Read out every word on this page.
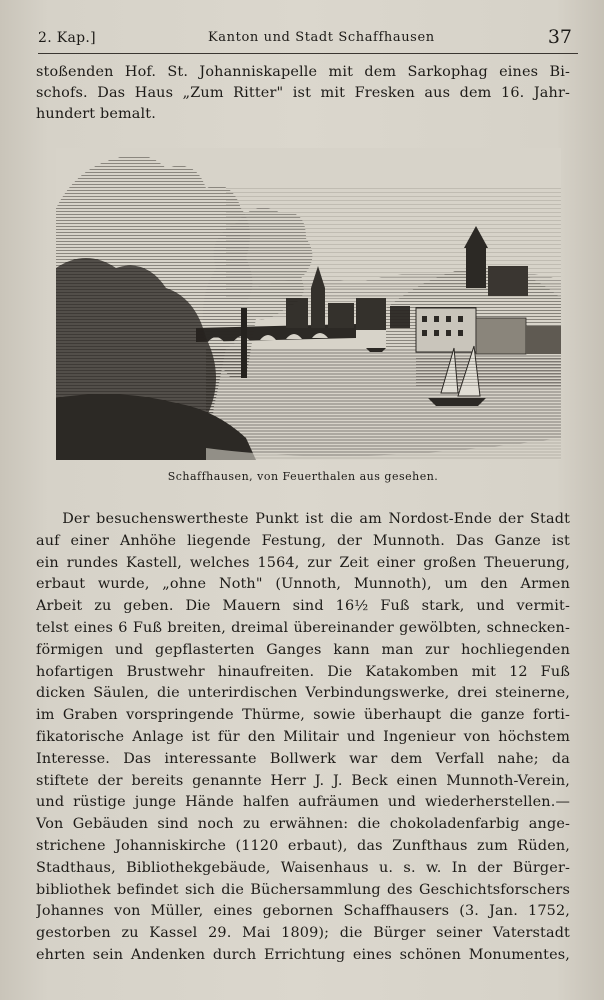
2. Kap.]	Kanton und Stadt Schaffhausen	37
stoßenden Hof. St. Johanniskapelle mit dem Sarkophag eines Bi-
schofs. Das Haus „Zum Ritter" ist mit Fresken aus dem 16. Jahr-
hundert bemalt.
Schaffhausen, von Feuerthalen aus gesehen.
Der besuchenswertheste Punkt ist die am Nordost-Ende der Stadt
auf einer Anhöhe liegende Festung, der Munnoth. Das Ganze ist
ein rundes Kastell, welches 1564, zur Zeit einer großen Theuerung,
erbaut wurde, „ohne Noth" (Unnoth, Munnoth), um den Armen
Arbeit zu geben. Die Mauern sind 16½ Fuß stark, und vermit-
telst eines 6 Fuß breiten, dreimal übereinander gewölbten, schnecken-
förmigen und gepflasterten Ganges kann man zur hochliegenden
hofartigen Brustwehr hinaufreiten. Die Katakomben mit 12 Fuß
dicken Säulen, die unterirdischen Verbindungswerke, drei steinerne,
im Graben vorspringende Thürme, sowie überhaupt die ganze forti-
fikatorische Anlage ist für den Militair und Ingenieur von höchstem
Interesse. Das interessante Bollwerk war dem Verfall nahe; da
stiftete der bereits genannte Herr J. J. Beck einen Munnoth-Verein,
und rüstige junge Hände halfen aufräumen und wiederherstellen.—
Von Gebäuden sind noch zu erwähnen: die chokoladenfarbig ange-
strichene Johanniskirche (1120 erbaut), das Zunfthaus zum Rüden,
Stadthaus, Bibliothekgebäude, Waisenhaus u. s. w. In der Bürger-
bibliothek befindet sich die Büchersammlung des Geschichtsforschers
Johannes von Müller, eines gebornen Schaffhausers (3. Jan. 1752,
gestorben zu Kassel 29. Mai 1809); die Bürger seiner Vaterstadt
ehrten sein Andenken durch Errichtung eines schönen Monumentes,
